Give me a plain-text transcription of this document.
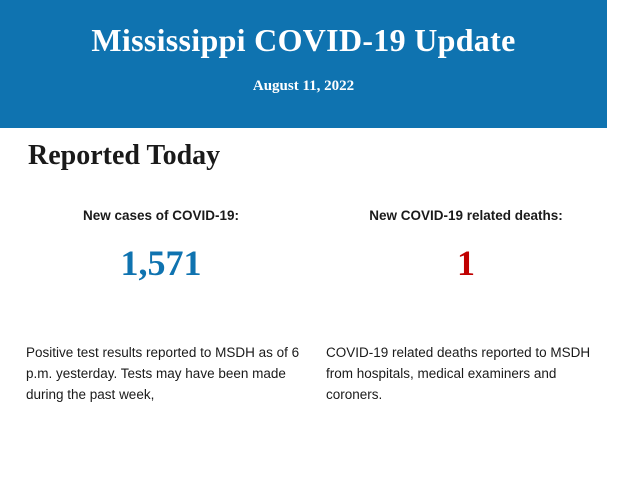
Mississippi COVID-19 Update
August 11, 2022
Reported Today
New cases of COVID-19:
1,571
New COVID-19 related deaths:
1
Positive test results reported to MSDH as of 6 p.m. yesterday. Tests may have been made during the past week,
COVID-19 related deaths reported to MSDH from hospitals, medical examiners and coroners.
